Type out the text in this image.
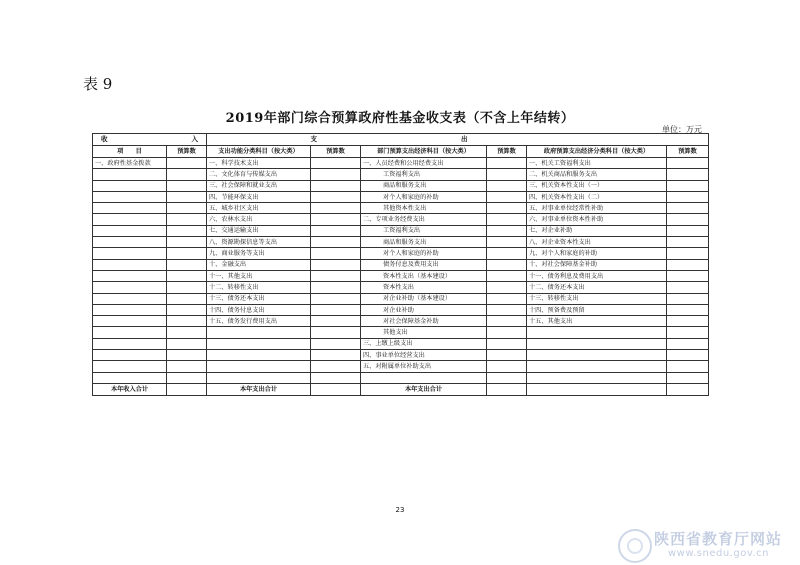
表 9
2019年部门综合预算政府性基金收支表（不含上年结转）
单位：万元
收 入		支 出					

项　　目	预算数	支出功能分类科目（按大类）	预算数	部门预算支出经济科目（按大类）	预算数	政府预算支出经济分类科目（按大类）	预算数
一、政府性基金拨款		一、科学技术支出		一、人员经费和公用经费支出		一、机关工资福利支出	
		二、文化体育与传媒支出		工资福利支出		二、机关商品和服务支出	
		三、社会保障和就业支出		商品和服务支出		三、机关资本性支出（一）	
		四、节能环保支出		对个人和家庭的补助		四、机关资本性支出（二）	
		五、城乡社区支出		其他资本性支出		五、对事业单位经常性补助	
		六、农林水支出		二、专项业务经费支出		六、对事业单位资本性补助	
		七、交通运输支出		工资福利支出		七、对企业补助	
		八、资源勘探信息等支出		商品和服务支出		八、对企业资本性支出	
		九、商业服务等支出		对个人和家庭的补助		九、对个人和家庭的补助	
		十、金融支出		债务付息及费用支出		十、对社会保障基金补助	
		十一、其他支出		资本性支出（基本建设）		十一、债务利息及费用支出	
		十二、转移性支出		资本性支出		十二、债务还本支出	
		十三、债务还本支出		对企业补助（基本建设）		十三、转移性支出	
		十四、债务付息支出		对企业补助		十四、预备费及预留	
		十五、债务发行费用支出		对社会保障基金补助		十五、其他支出	
				其他支出			
				三、上缴上级支出			
				四、事业单位经营支出			
				五、对附属单位补助支出			

本年收入合计		本年支出合计		本年支出合计			
23
陕西省教育厅网站
www.snedu.gov.cn
